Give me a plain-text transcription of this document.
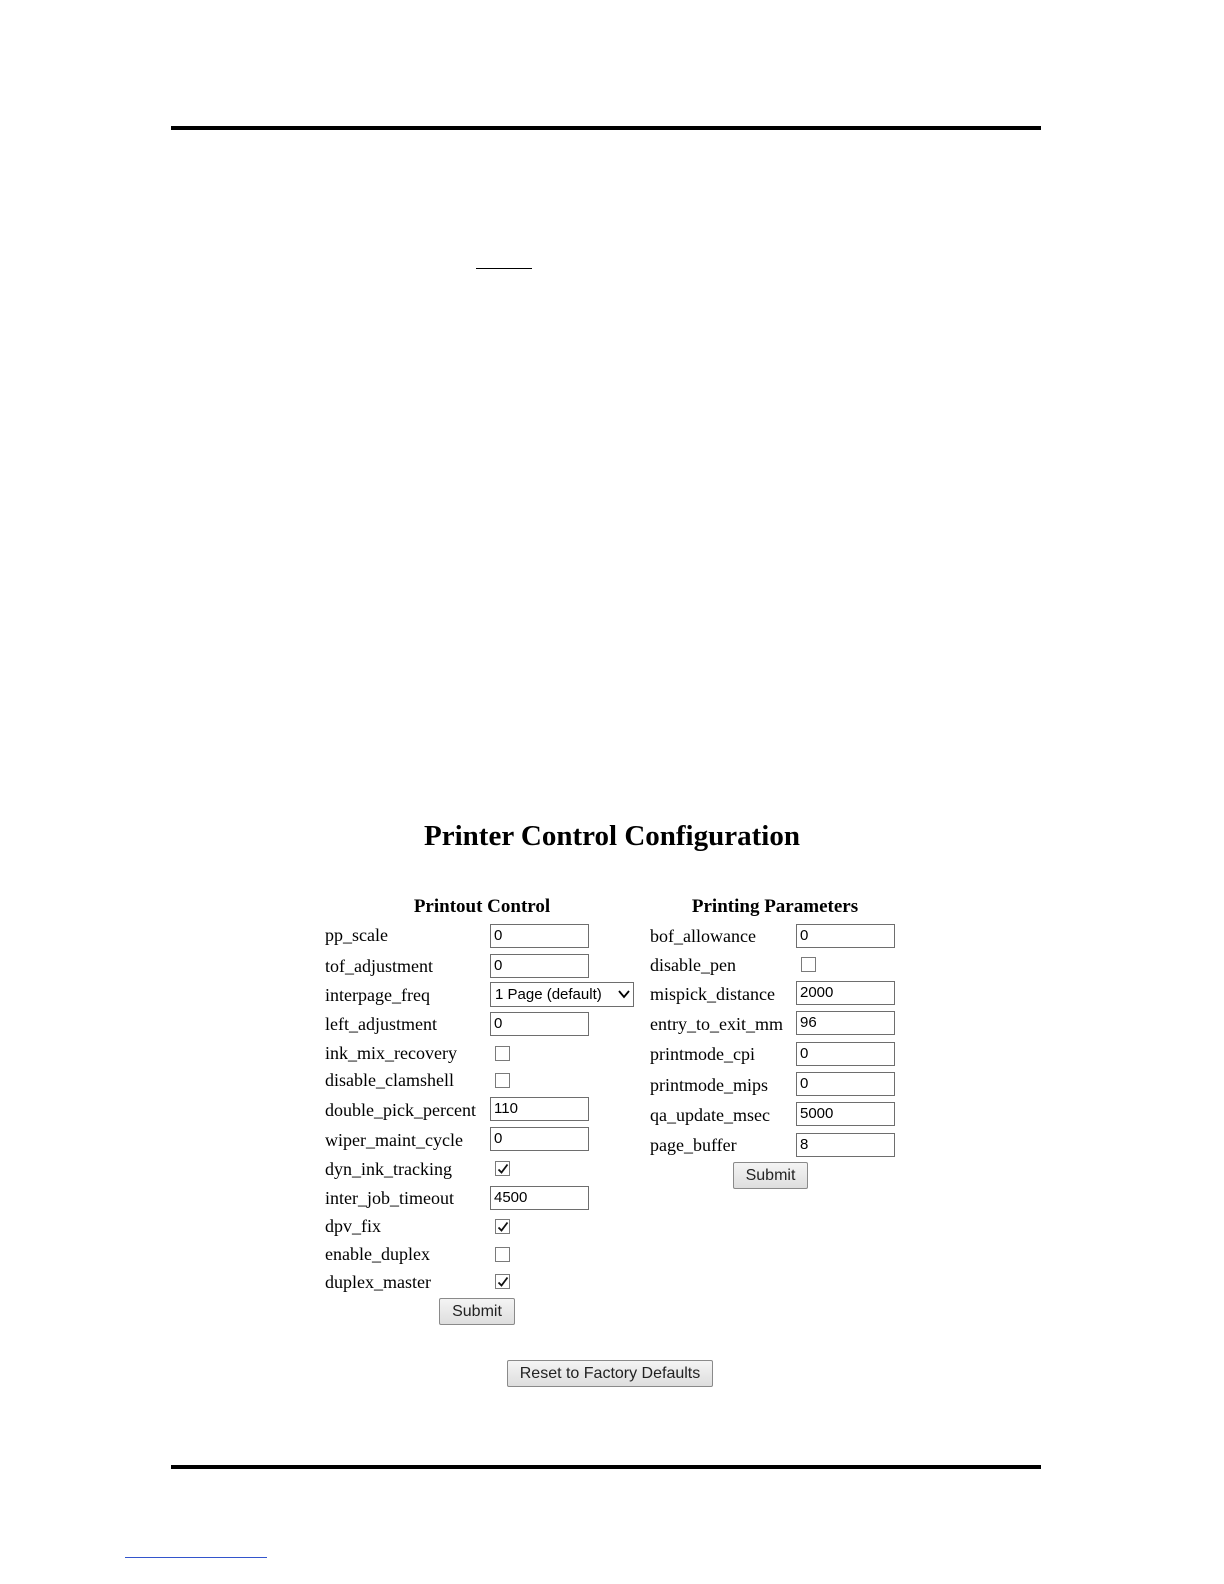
Printer Control Configuration
Printout Control
pp_scale	0
tof_adjustment	0
interpage_freq	1 Page (default)
left_adjustment	0
ink_mix_recovery
disable_clamshell
double_pick_percent 110
wiper_maint_cycle 0
dyn_ink_tracking
inter_job_timeout	4500
dpv_fix
enable_duplex
duplex_master
Submit
Printing Parameters
bof_allowance	0
disable_pen
mispick_distance 2000
entry_to_exit_mm 96
printmode_cpi	0
printmode_mips 0
qa_update_msec 5000
page_buffer	8
Submit
Reset to Factory Defaults
